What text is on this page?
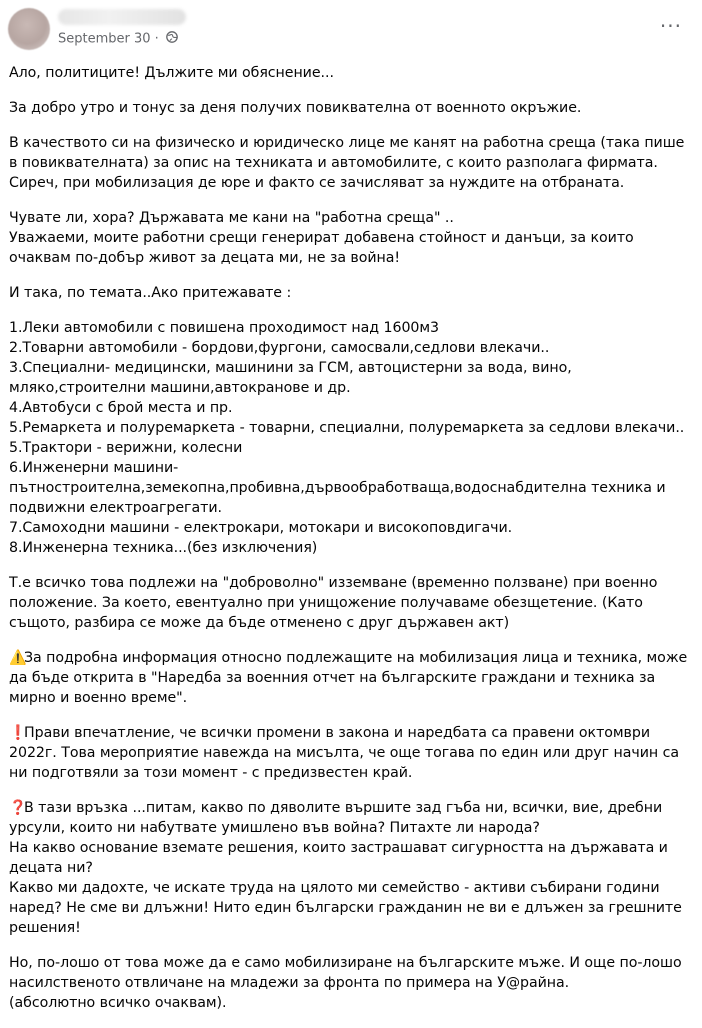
September 30 ·
···

Ало, политиците! Дължите ми обяснение...

За добро утро и тонус за деня получих повиквателна от военното окръжие.

В качеството си на физическо и юридическо лице ме канят на работна среща (така пише в повиквателната) за опис на техниката и автомобилите, с които разполага фирмата. Сиреч, при мобилизация де юре и факто се зачисляват за нуждите на отбраната.

Чувате ли, хора? Държавата ме кани на "работна среща" ..
Уважаеми, моите работни срещи генерират добавена стойност и данъци, за които очаквам по-добър живот за децата ми, не за война!

И така, по темата..Ако притежавате :

1.Леки автомобили с повишена проходимост над 1600м3
2.Товарни автомобили - бордови,фургони, самосвали,седлови влекачи..
3.Специални- медицински, машинини за ГСМ, автоцистерни за вода, вино, мляко,строителни машини,автокранове и др.
4.Автобуси с брой места и пр.
5.Ремаркета и полуремаркета - товарни, специални, полуремаркета за седлови влекачи..
5.Трактори - верижни, колесни
6.Инженерни машини-пътностроителна,земекопна,пробивна,дървообработваща,водоснабдителна техника и подвижни електроагрегати.
7.Самоходни машини - електрокари, мотокари и високоповдигачи.
8.Инженерна техника...(без изключения)

Т.е всичко това подлежи на "доброволно" изземване (временно ползване) при военно положение. За което, евентуално при унищожение получаваме обезщетение. (Като същото, разбира се може да бъде отменено с друг държавен акт)

⚠️За подробна информация относно подлежащите на мобилизация лица и техника, може да бъде открита в "Наредба за военния отчет на българските граждани и техника за мирно и военно време".

❗Прави впечатление, че всички промени в закона и наредбата са правени октомври 2022г. Това мероприятие навежда на мисълта, че още тогава по един или друг начин са ни подготвяли за този момент - с предизвестен край.

❓В тази връзка ...питам, какво по дяволите вършите зад гъба ни, всички, вие, дребни урсули, които ни набутвате умишлено във война? Питахте ли народа?
На какво основание вземате решения, които застрашават сигурността на държавата и децата ни?
Какво ми дадохте, че искате труда на цялото ми семейство - активи събирани години наред? Не сме ви длъжни! Нито един български гражданин не ви е длъжен за грешните решения!

Но, по-лошо от това може да е само мобилизиране на българските мъже. И още по-лошо насилственото отвличане на младежи за фронта по примера на У@райна.
(абсолютно всичко очаквам).
